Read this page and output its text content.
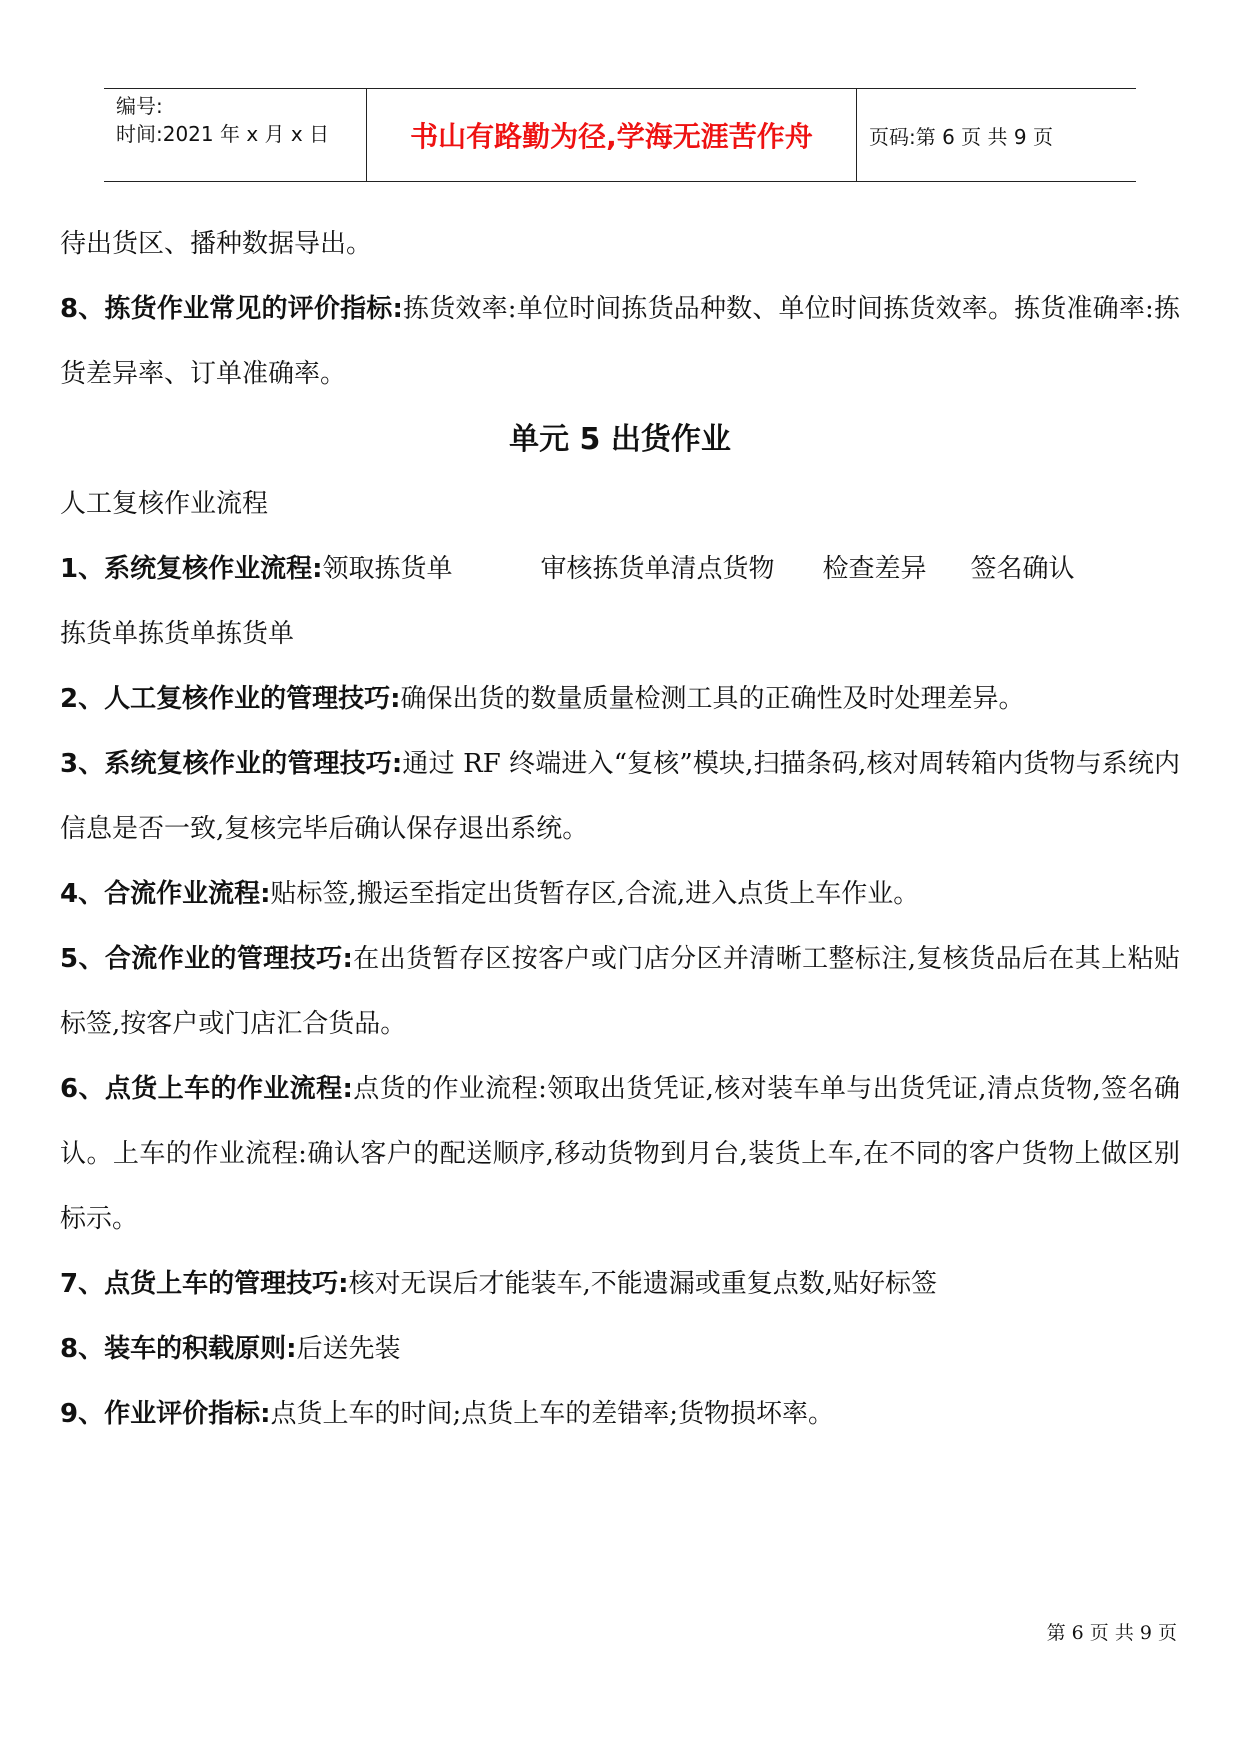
编号:
时间:2021 年 x 月 x 日	书山有路勤为径,学海无涯苦作舟	页码:第 6 页 共 9 页

待出货区、播种数据导出。

8、拣货作业常见的评价指标:拣货效率:单位时间拣货品种数、单位时间拣货效率。拣货准确率:拣货差异率、订单准确率。

单元 5 出货作业

人工复核作业流程

1、系统复核作业流程: 领取拣货单	审核拣货单清点货物 检查差异 签名确认

拣货单拣货单拣货单

2、人工复核作业的管理技巧:确保出货的数量质量检测工具的正确性及时处理差异。

3、系统复核作业的管理技巧:通过 RF 终端进入“复核”模块,扫描条码,核对周转箱内货物与系统内信息是否一致,复核完毕后确认保存退出系统。

4、合流作业流程:贴标签,搬运至指定出货暂存区,合流,进入点货上车作业。

5、合流作业的管理技巧:在出货暂存区按客户或门店分区并清晰工整标注,复核货品后在其上粘贴标签,按客户或门店汇合货品。

6、点货上车的作业流程:点货的作业流程:领取出货凭证,核对装车单与出货凭证,清点货物,签名确认。上车的作业流程:确认客户的配送顺序,移动货物到月台,装货上车,在不同的客户货物上做区别标示。

7、点货上车的管理技巧:核对无误后才能装车,不能遗漏或重复点数,贴好标签

8、装车的积载原则:后送先装

9、作业评价指标:点货上车的时间;点货上车的差错率;货物损坏率。

第 6 页 共 9 页
